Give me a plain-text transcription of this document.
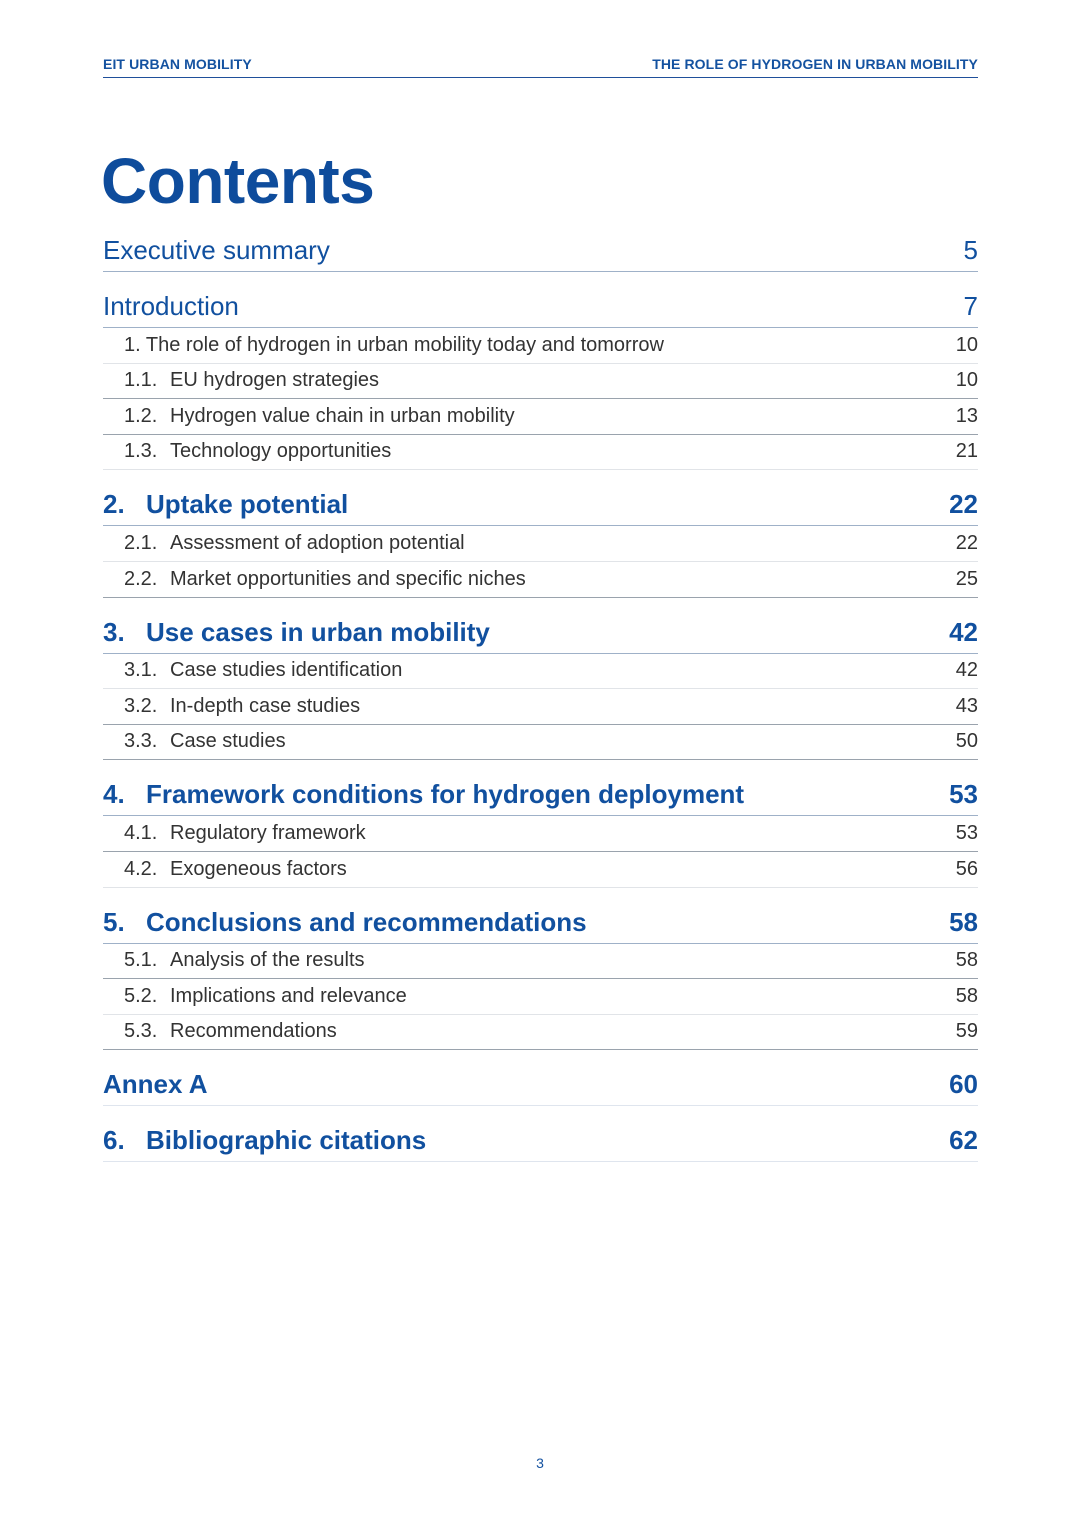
EIT URBAN MOBILITY	THE ROLE OF HYDROGEN IN URBAN MOBILITY
Contents
Executive summary	5
Introduction	7
1. The role of hydrogen in urban mobility today and tomorrow	10
1.1. EU hydrogen strategies	10
1.2. Hydrogen value chain in urban mobility	13
1.3. Technology opportunities	21
2. Uptake potential	22
2.1. Assessment of adoption potential	22
2.2. Market opportunities and specific niches	25
3. Use cases in urban mobility	42
3.1. Case studies identification	42
3.2. In-depth case studies	43
3.3. Case studies	50
4. Framework conditions for hydrogen deployment	53
4.1. Regulatory framework	53
4.2. Exogeneous factors	56
5. Conclusions and recommendations	58
5.1. Analysis of the results	58
5.2. Implications and relevance	58
5.3. Recommendations	59
Annex A	60
6. Bibliographic citations	62
3
